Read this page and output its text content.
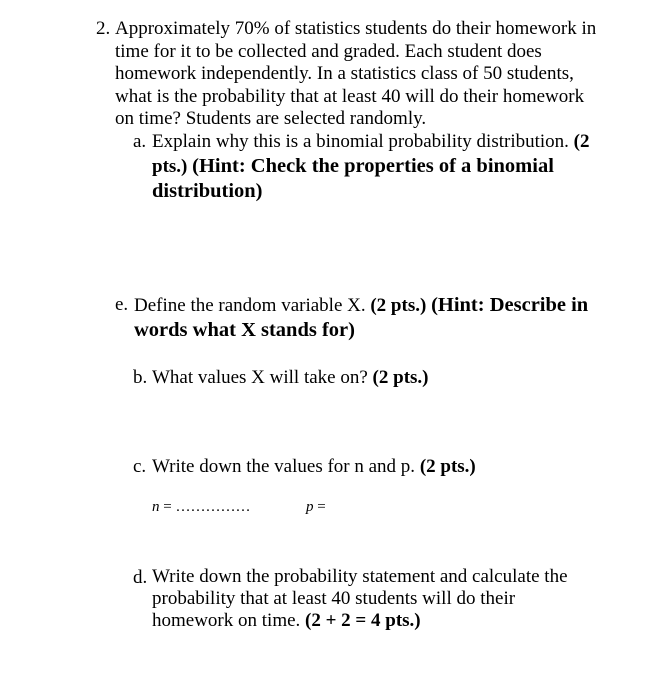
2. Approximately 70% of statistics students do their homework in time for it to be collected and graded. Each student does homework independently. In a statistics class of 50 students, what is the probability that at least 40 will do their homework on time? Students are selected randomly.
a. Explain why this is a binomial probability distribution. (2 pts.) (Hint: Check the properties of a binomial distribution)
e. Define the random variable X. (2 pts.) (Hint: Describe in words what X stands for)
b. What values X will take on? (2 pts.)
c. Write down the values for n and p. (2 pts.)
n = ……………	p =
d. Write down the probability statement and calculate the probability that at least 40 students will do their homework on time. (2 + 2 = 4 pts.)
